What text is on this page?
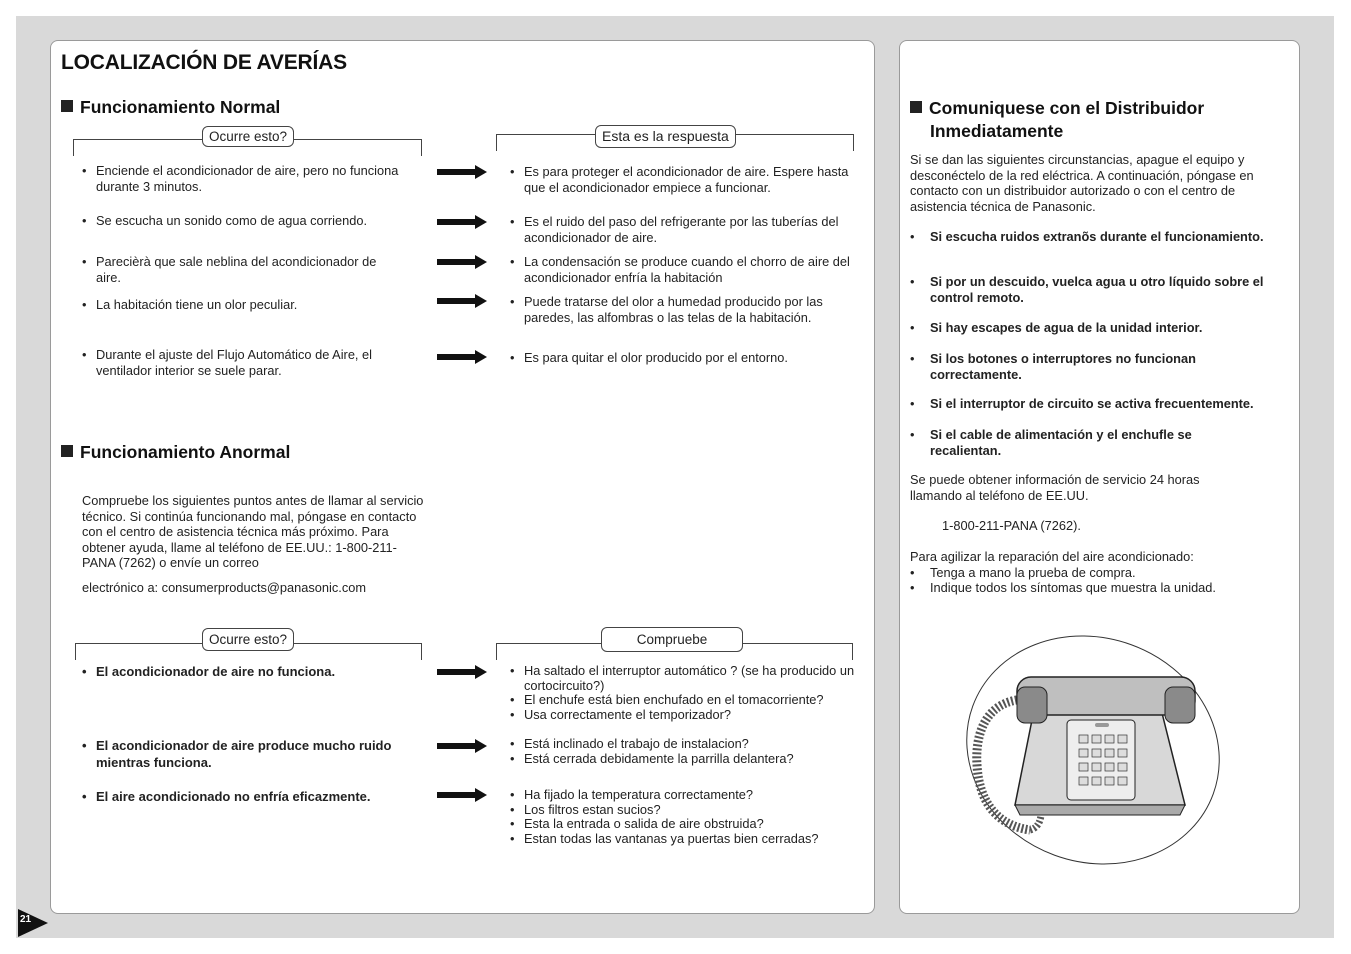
LOCALIZACIÓN DE AVERÍAS
Funcionamiento Normal
Ocurre esto?	Esta es la respuesta
• Enciende el acondicionador de aire, pero no funciona durante 3 minutos.
• Se escucha un sonido como de agua corriendo.
• Parecièrà que sale neblina del acondicionador de aire.
• La habitación tiene un olor peculiar.
• Durante el ajuste del Flujo Automático de Aire, el ventilador interior se suele parar.
• Es para proteger el acondicionador de aire. Espere hasta que el acondicionador empiece a funcionar.
• Es el ruido del paso del refrigerante por las tuberías del acondicionador de aire.
• La condensación se produce cuando el chorro de aire del acondicionador enfría la habitación
• Puede tratarse del olor a humedad producido por las paredes, las alfombras o las telas de la habitación.
• Es para quitar el olor producido por el entorno.
Funcionamiento Anormal
Compruebe los siguientes puntos antes de llamar al servicio técnico. Si continúa funcionando mal, póngase en contacto con el centro de asistencia técnica más próximo. Para obtener ayuda, llame al teléfono de EE.UU.: 1-800-211-PANA (7262) o envíe un correo
electrónico a: consumerproducts@panasonic.com
Ocurre esto?	Compruebe
• El acondicionador de aire no funciona.
• El acondicionador de aire produce mucho ruido mientras funciona.
• El aire acondicionado no enfría eficazmente.
• Ha saltado el interruptor automático ? (se ha producido un cortocircuito?)
• El enchufe está bien enchufado en el tomacorriente?
• Usa correctamente el temporizador?
• Está inclinado el trabajo de instalacion?
• Está cerrada debidamente la parrilla delantera?
• Ha fijado la temperatura correctamente?
• Los filtros estan sucios?
• Esta la entrada o salida de aire obstruida?
• Estan todas las vantanas ya puertas bien cerradas?
Comuniquese con el Distribuidor
Inmediatamente
Si se dan las siguientes circunstancias, apague el equipo y desconéctelo de la red eléctrica. A continuación, póngase en contacto con un distribuidor autorizado o con el centro de asistencia técnica de Panasonic.
• Si escucha ruidos extranõs durante el funcionamiento.
• Si por un descuido, vuelca agua u otro líquido sobre el control remoto.
• Si hay escapes de agua de la unidad interior.
• Si los botones o interruptores no funcionan correctamente.
• Si el interruptor de circuito se activa frecuentemente.
• Si el cable de alimentación y el enchufle se recalientan.
Se puede obtener información de servicio 24 horas llamando al teléfono de EE.UU.
1-800-211-PANA (7262).
Para agilizar la reparación del aire acondicionado:
• Tenga a mano la prueba de compra.
• Indique todos los síntomas que muestra la unidad.
21
